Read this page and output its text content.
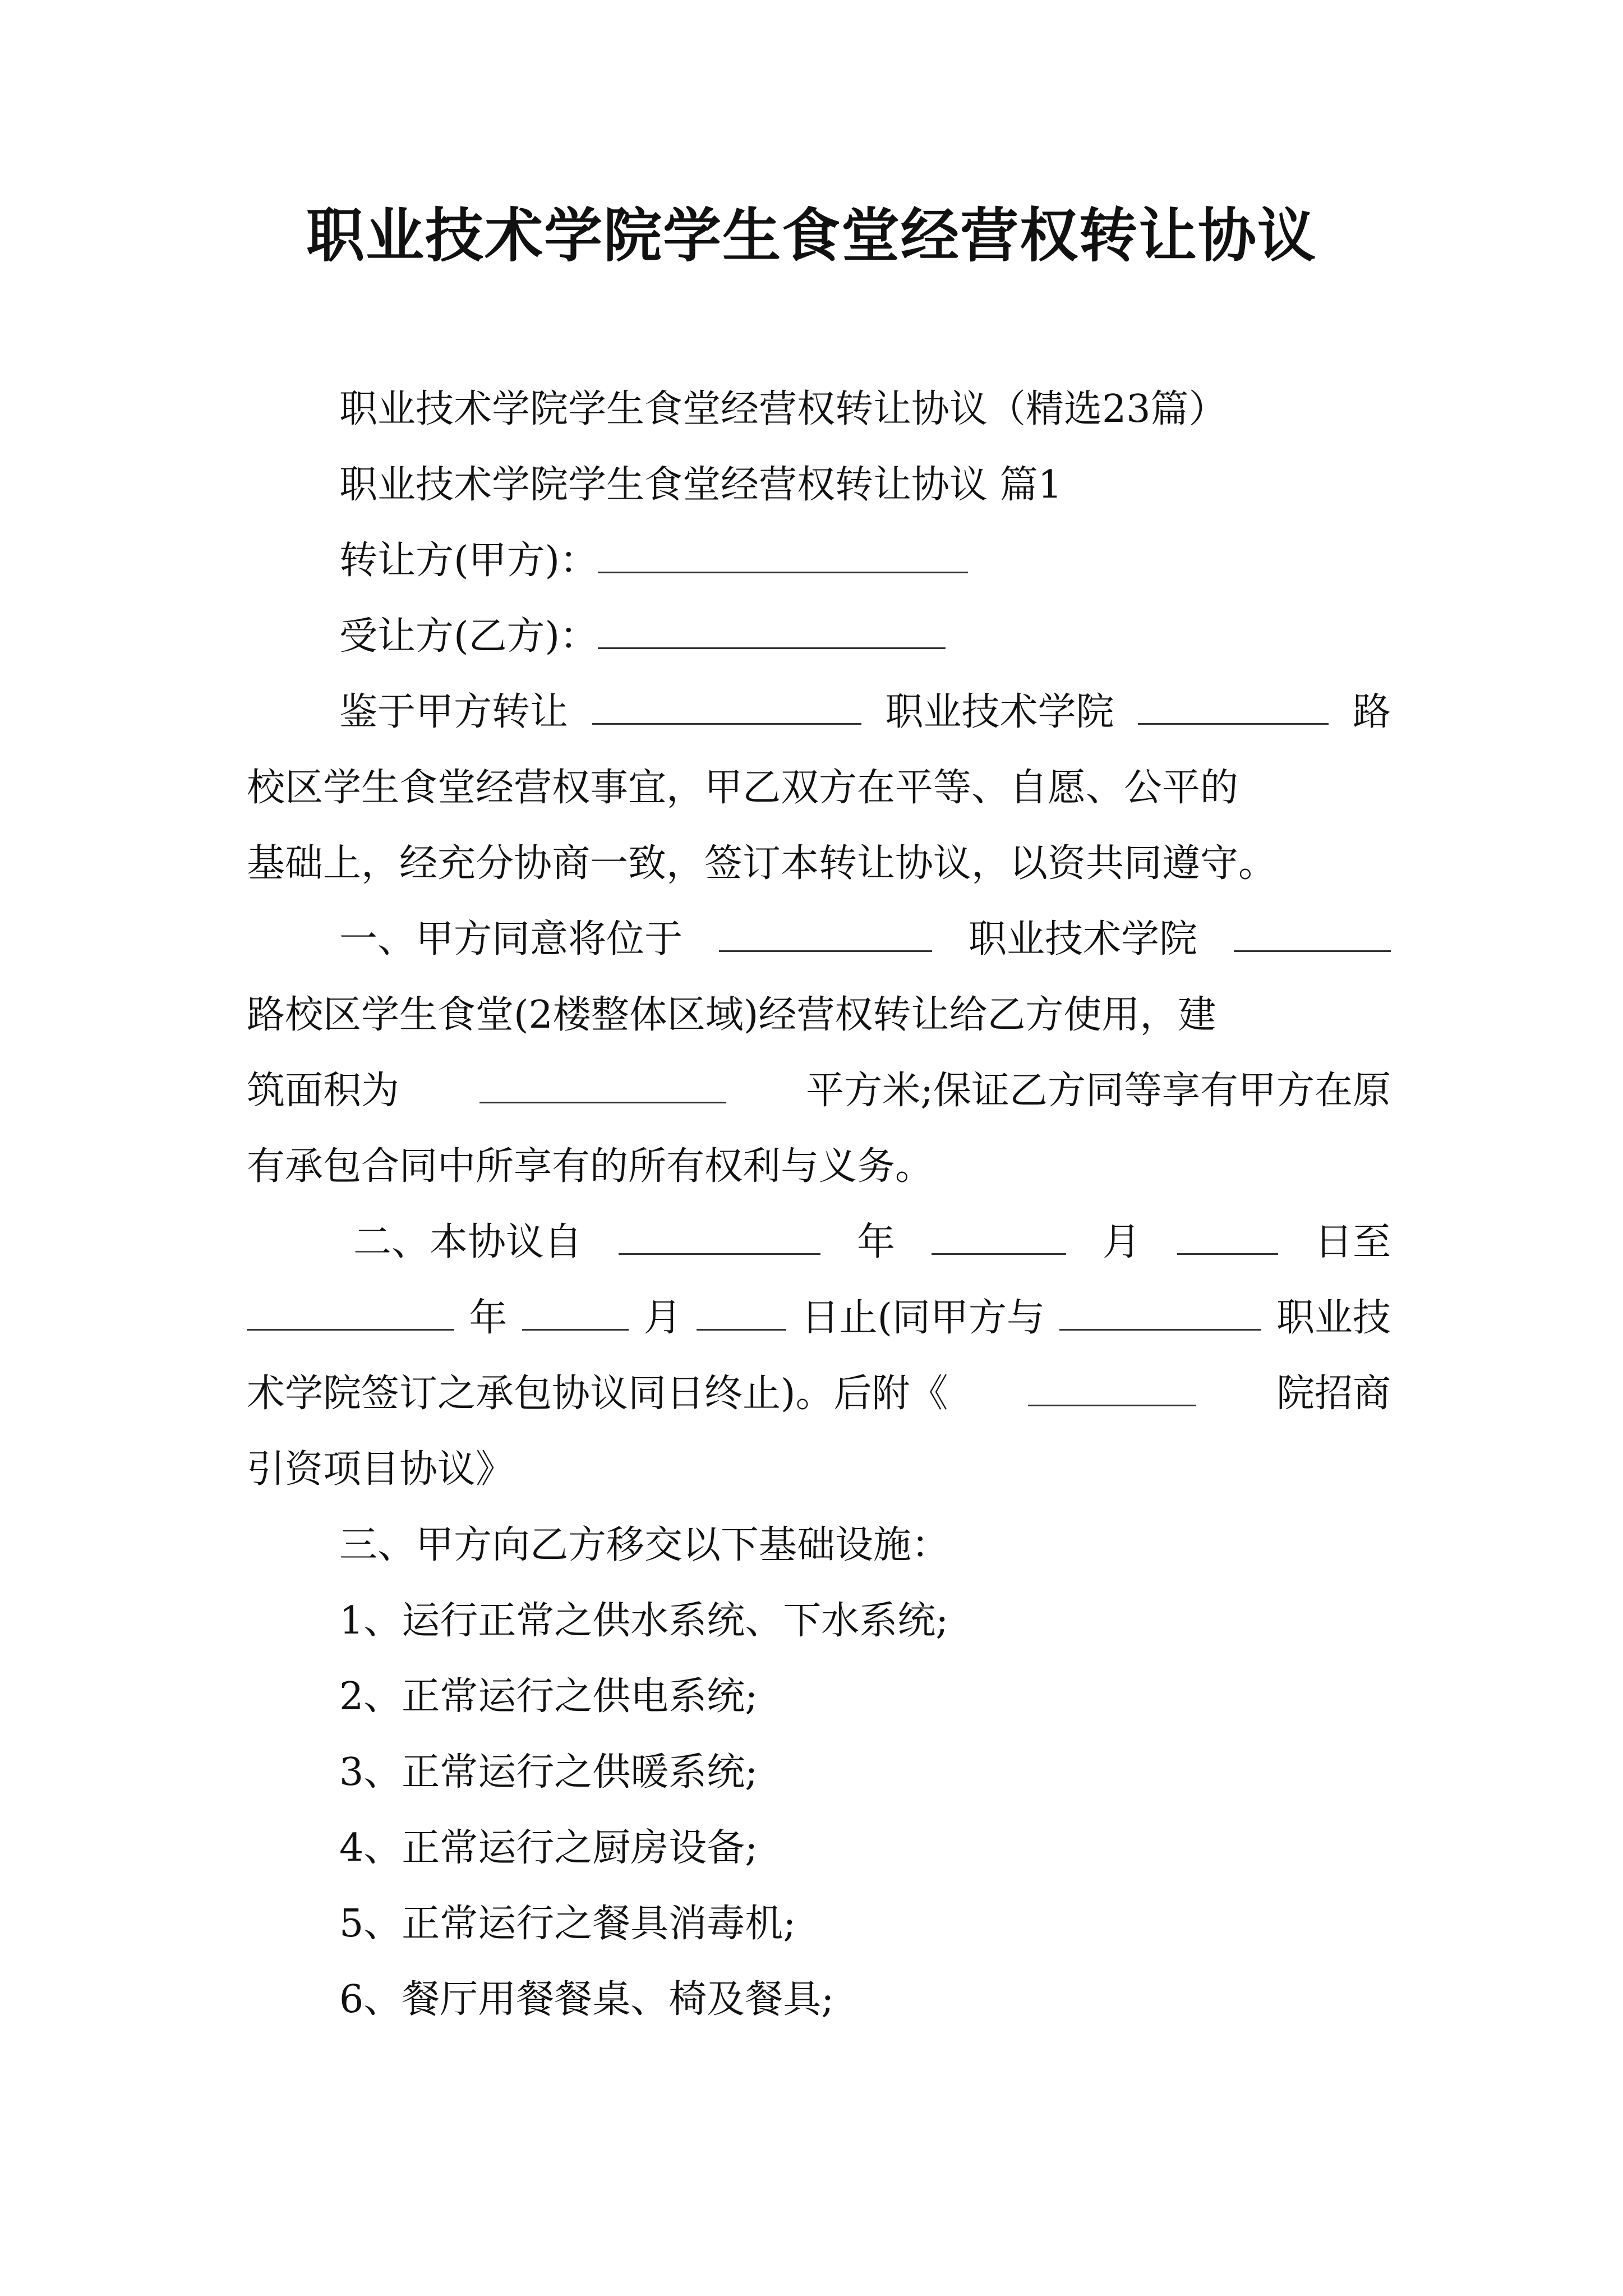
职业技术学院学生食堂经营权转让协议
职业技术学院学生食堂经营权转让协议（精选23篇）
职业技术学院学生食堂经营权转让协议 篇1
转让方(甲方)：
受让方(乙方)：
鉴于甲方转让	职业技术学院	路
校区学生食堂经营权事宜，甲乙双方在平等、自愿、公平的
基础上，经充分协商一致，签订本转让协议，以资共同遵守。
一、甲方同意将位于	职业技术学院
路校区学生食堂(2楼整体区域)经营权转让给乙方使用，建
筑面积为	平方米;保证乙方同等享有甲方在原
有承包合同中所享有的所有权利与义务。
二、本协议自	年	月	日至
年	月	日止(同甲方与	职业技
术学院签订之承包协议同日终止)。后附《	院招商
引资项目协议》
三、甲方向乙方移交以下基础设施：
1、运行正常之供水系统、下水系统;
2、正常运行之供电系统;
3、正常运行之供暖系统;
4、正常运行之厨房设备;
5、正常运行之餐具消毒机;
6、餐厅用餐餐桌、椅及餐具;
